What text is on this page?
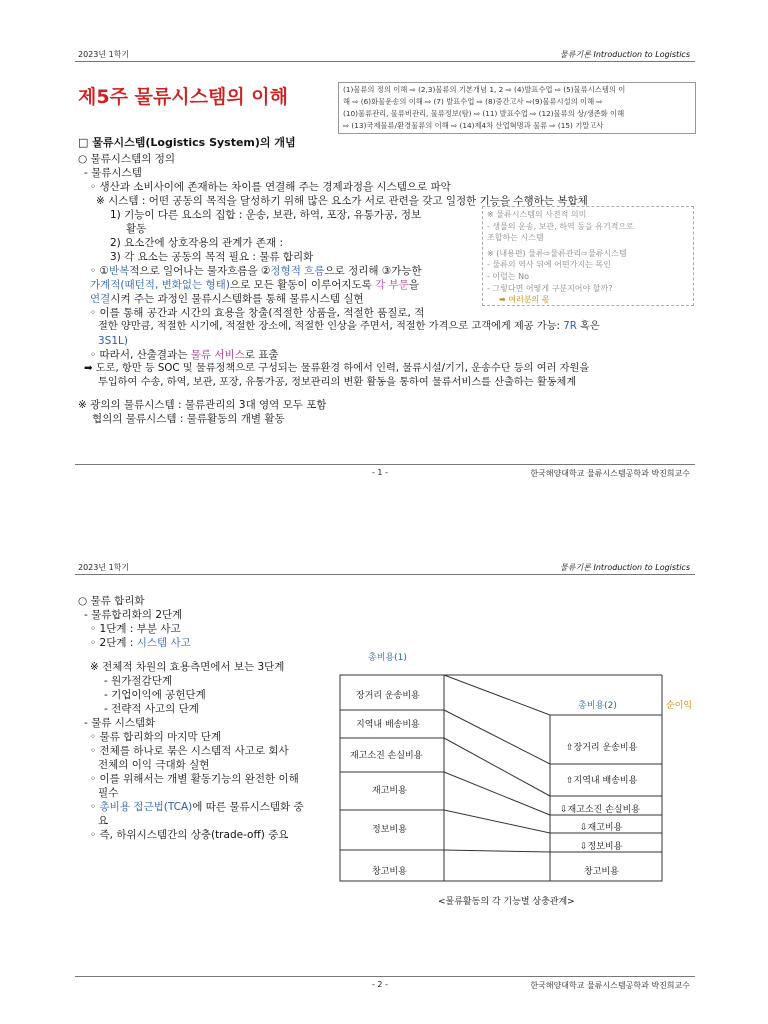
2023년 1학기	물류기론 Introduction to Logistics
제5주 물류시스템의 이해	(1)물류의 정의 이해 ⇨ (2,3)물류의 기본개념 1, 2 ⇨ (4)발표수업 ⇨ (5)물류시스템의 이
해 ⇨ (6)화물운송의 이해 ⇨ (7) 발표수업 ⇨ (8)중간고사 ⇨(9)물류시설의 이해 ⇨
(10)물류관리, 물류비관리, 물류정보(탐) ⇨ (11) 발표수업 ⇨ (12)물류의 상/생존화 이해
⇨ (13)국제물류/환경물류의 이해 ⇨ (14)제4차 산업혁명과 물류 ⇨ (15) 기말고사
□ 물류시스템(Logistics System)의 개념
○ 물류시스템의 정의
- 물류시스템
◦ 생산과 소비사이에 존재하는 차이를 연결해 주는 경제과정을 시스템으로 파악
※ 시스템 : 어떤 공동의 목적을 달성하기 위해 많은 요소가 서로 관련을 갖고 일정한 기능을 수행하는 복합체
1) 기능이 다른 요소의 집합 : 운송, 보관, 하역, 포장, 유통가공, 정보
활동
2) 요소간에 상호작용의 관계가 존재 :
3) 각 요소는 공동의 목적 필요 : 물류 합리화
◦ ①반복적으로 일어나는 물자흐름을 ②정형적 흐름으로 정리해 ③가능한
가계적(때턴적, 변화없는 형태)으로 모든 활동이 이루어지도록 각 부문을
연결시켜 주는 과정인 물류시스템화를 통해 물류시스템 실현
◦ 이를 통해 공간과 시간의 효용을 창출(적절한 상품을, 적절한 품질로, 적
절한 양만큼, 적절한 시기에, 적절한 장소에, 적절한 인상을 주면서, 적절한 가격으로 고객에게 제공 가능: 7R 혹은
3S1L)
◦ 따라서, 산출결과는 물류 서비스로 표출
➡ 도로, 항만 등 SOC 및 물류정책으로 구성되는 물류환경 하에서 인력, 물류시설/기기, 운송수단 등의 여러 자원을
투입하여 수송, 하역, 보관, 포장, 유통가공, 정보관리의 변환 활동을 통하여 물류서비스를 산출하는 활동체계
※ 광의의 물류시스템 : 물류관리의 3대 영역 모두 포함
협의의 물류시스템 : 물류활동의 개별 활동
※ 물류시스템의 사전적 의미
- 생물의 운송, 보관, 하역 등을 유기적으로
조합하는 시스템
※ (내용편) 물류⇨물류관리⇨물류시스템
- 물류의 역사 뒤에 어떤가지는 목인
- 이럴는 No
- 그렇다면 어떻게 구분지어야 할까?
➡ 여러분의 몫
- 1 -	한국해양대학교 물류시스템공학과 박진희교수
2023년 1학기	물류기론 Introduction to Logistics
○ 물류 합리화
- 물류합리화의 2단계
◦ 1단계 : 부분 사고
◦ 2단계 : 시스템 사고
※ 전체적 차원의 효용측면에서 보는 3단계
- 원가절감단계
- 기업이익에 공헌단계
- 전략적 사고의 단계
- 물류 시스템화
◦ 물류 합리화의 마지막 단계
◦ 전체를 하나로 묶은 시스템적 사고로 회사
전체의 이익 극대화 실현
◦ 이를 위해서는 개별 활동기능의 완전한 이해
필수
◦ 총비용 접근법(TCA)에 따른 물류시스템화 중
요
◦ 즉, 하위시스템간의 상충(trade-off) 중요
총비용(1)
총비용(2)	순이익
장거리 운송비용
지역내 배송비용
재고소진 손실비용
재고비용
정보비용
창고비용
⇧장거리 운송비용
⇧지역내 배송비용
⇩재고소진 손실비용
⇩재고비용
⇩정보비용
창고비용
<물류활동의 각 기능별 상충관계>
- 2 -	한국해양대학교 물류시스템공학과 박진희교수
